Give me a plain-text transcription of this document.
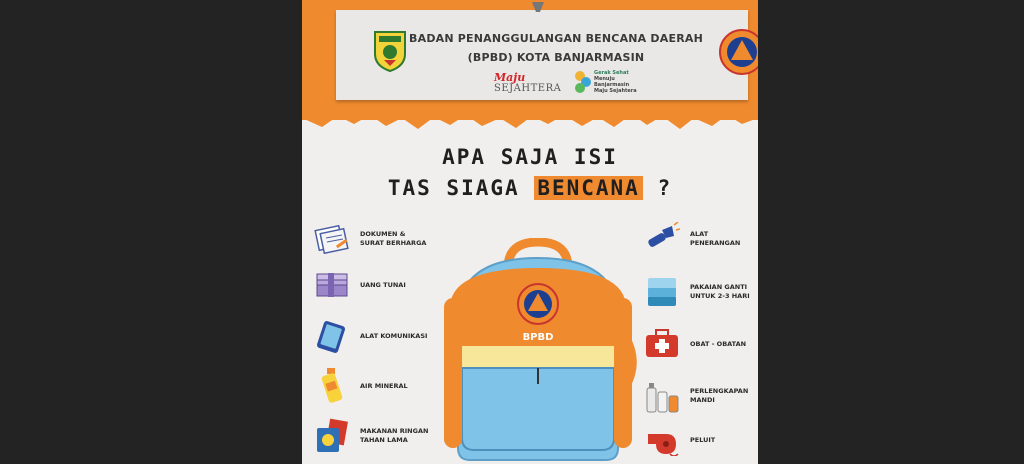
BADAN PENANGGULANGAN BENCANA DAERAH
(BPBD) KOTA BANJARMASIN
Maju
SEJAHTERA
Gerak Sehat
Menuju Banjarmasin
Maju Sejahtera
APA SAJA ISI
TAS SIAGA BENCANA ?
DOKUMEN & SURAT BERHARGA
UANG TUNAI
ALAT KOMUNIKASI
AIR MINERAL
MAKANAN RINGAN TAHAN LAMA
BPBD
ALAT PENERANGAN
PAKAIAN GANTI UNTUK 2-3 HARI
OBAT - OBATAN
PERLENGKAPAN MANDI
PELUIT
